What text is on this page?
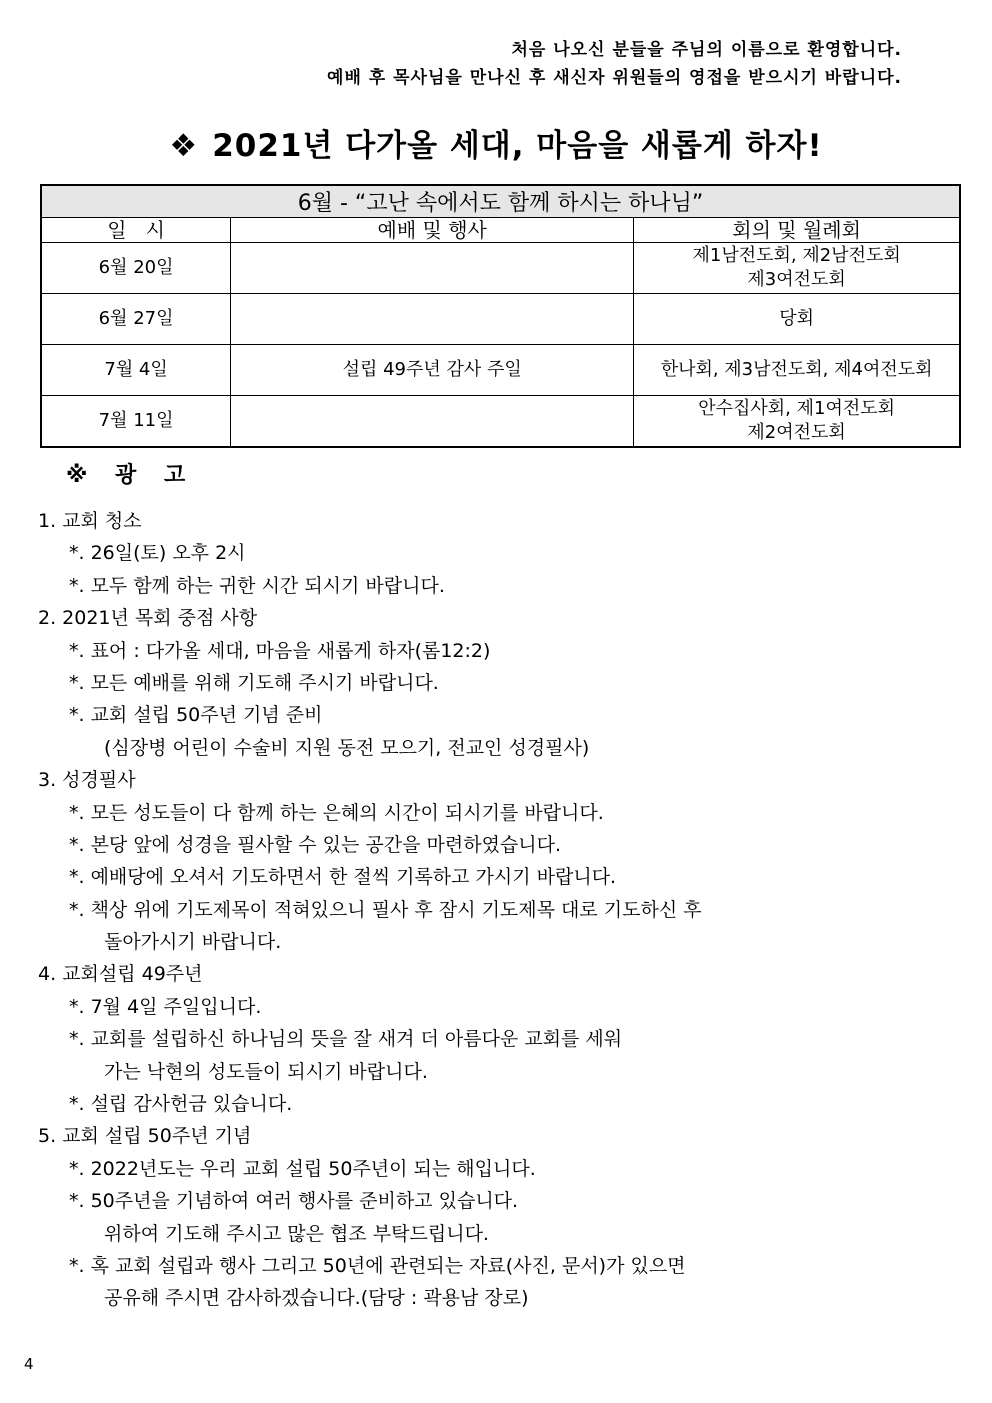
처음 나오신 분들을 주님의 이름으로 환영합니다.
예배 후 목사님을 만나신 후 새신자 위원들의 영접을 받으시기 바랍니다.
❖ 2021년 다가올 세대, 마음을 새롭게 하자!
6월 - “고난 속에서도 함께 하시는 하나님”		
일   시	예배 및 행사	회의 및 월례회
6월 20일		제1남전도회, 제2남전도회
제3여전도회

6월 27일		당회

7월 4일	설립 49주년 감사 주일	한나회, 제3남전도회, 제4여전도회

7월 11일		안수집사회, 제1여전도회
제2여전도회
※ 광 고
1. 교회 청소
*. 26일(토) 오후 2시
*. 모두 함께 하는 귀한 시간 되시기 바랍니다.
2. 2021년 목회 중점 사항
*. 표어 : 다가올 세대, 마음을 새롭게 하자(롬12:2)
*. 모든 예배를 위해 기도해 주시기 바랍니다.
*. 교회 설립 50주년 기념 준비
(심장병 어린이 수술비 지원 동전 모으기, 전교인 성경필사)
3. 성경필사
*. 모든 성도들이 다 함께 하는 은혜의 시간이 되시기를 바랍니다.
*. 본당 앞에 성경을 필사할 수 있는 공간을 마련하였습니다.
*. 예배당에 오셔서 기도하면서 한 절씩 기록하고 가시기 바랍니다.
*. 책상 위에 기도제목이 적혀있으니 필사 후 잠시 기도제목 대로 기도하신 후
돌아가시기 바랍니다.
4. 교회설립 49주년
*. 7월 4일 주일입니다.
*. 교회를 설립하신 하나님의 뜻을 잘 새겨 더 아름다운 교회를 세워
가는 낙현의 성도들이 되시기 바랍니다.
*. 설립 감사헌금 있습니다.
5. 교회 설립 50주년 기념
*. 2022년도는 우리 교회 설립 50주년이 되는 해입니다.
*. 50주년을 기념하여 여러 행사를 준비하고 있습니다.
위하여 기도해 주시고 많은 협조 부탁드립니다.
*. 혹 교회 설립과 행사 그리고 50년에 관련되는 자료(사진, 문서)가 있으면
공유해 주시면 감사하겠습니다.(담당 : 곽용남 장로)
4
